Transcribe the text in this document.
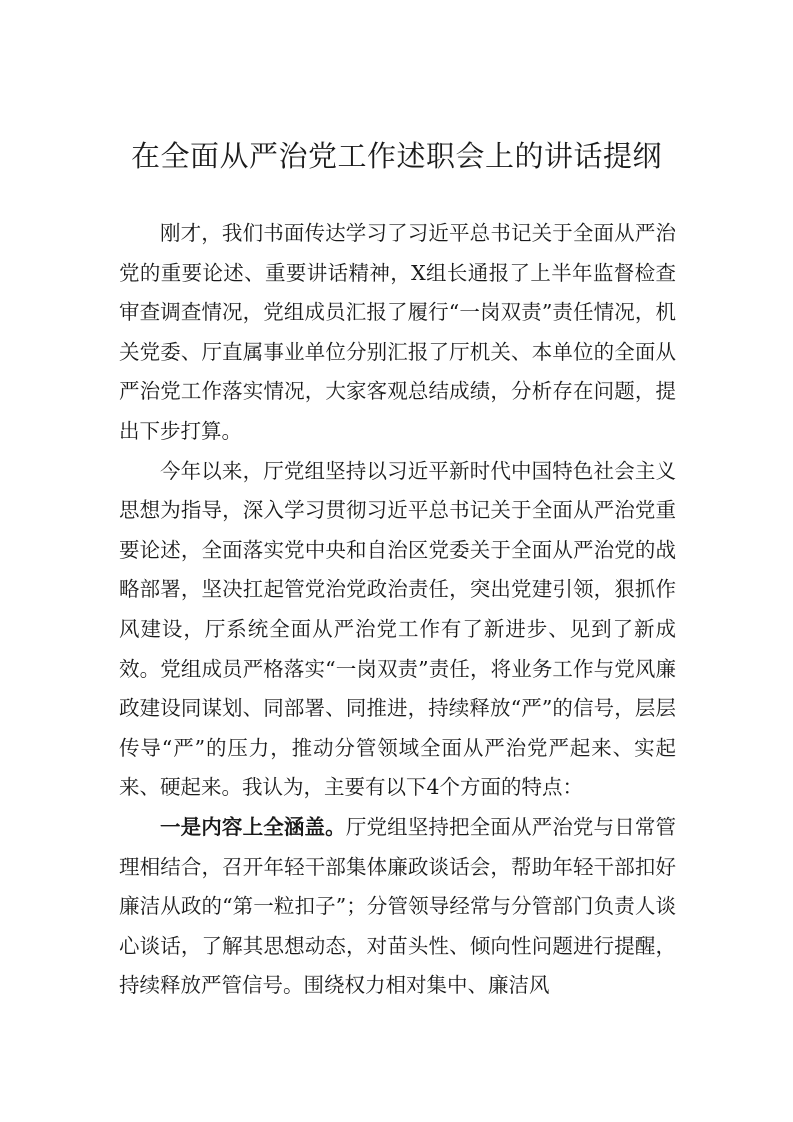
在全面从严治党工作述职会上的讲话提纲

刚才，我们书面传达学习了习近平总书记关于全面从严治党的重要论述、重要讲话精神，X组长通报了上半年监督检查审查调查情况，党组成员汇报了履行“一岗双责”责任情况，机关党委、厅直属事业单位分别汇报了厅机关、本单位的全面从严治党工作落实情况，大家客观总结成绩，分析存在问题，提出下步打算。

今年以来，厅党组坚持以习近平新时代中国特色社会主义思想为指导，深入学习贯彻习近平总书记关于全面从严治党重要论述，全面落实党中央和自治区党委关于全面从严治党的战略部署，坚决扛起管党治党政治责任，突出党建引领，狠抓作风建设，厅系统全面从严治党工作有了新进步、见到了新成效。党组成员严格落实“一岗双责”责任，将业务工作与党风廉政建设同谋划、同部署、同推进，持续释放“严”的信号，层层传导“严”的压力，推动分管领域全面从严治党严起来、实起来、硬起来。我认为，主要有以下4个方面的特点：

一是内容上全涵盖。厅党组坚持把全面从严治党与日常管理相结合，召开年轻干部集体廉政谈话会，帮助年轻干部扣好廉洁从政的“第一粒扣子”；分管领导经常与分管部门负责人谈心谈话，了解其思想动态，对苗头性、倾向性问题进行提醒，持续释放严管信号。围绕权力相对集中、廉洁风
